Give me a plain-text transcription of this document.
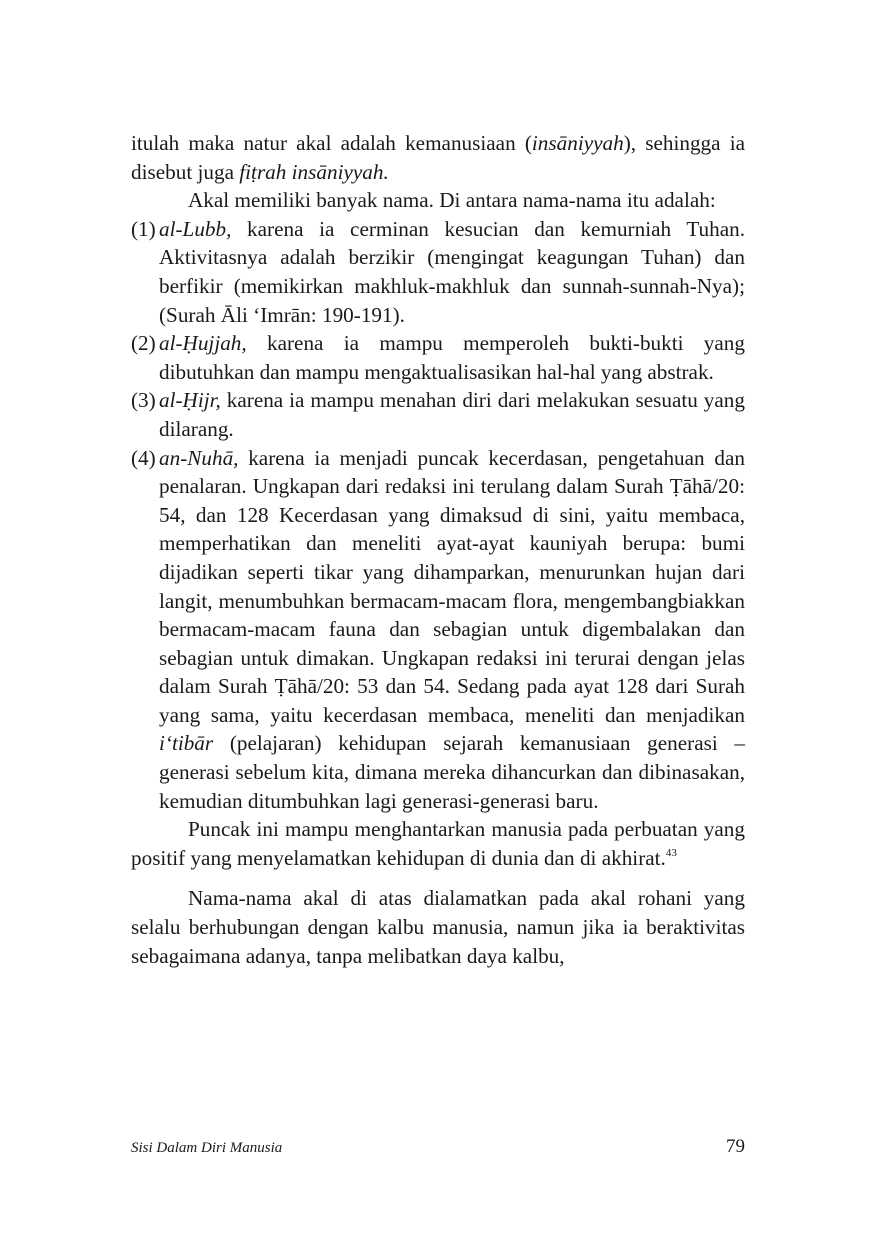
itulah maka natur akal adalah kemanusiaan (insāniyyah), sehingga ia disebut juga fiṭrah insāniyyah.

Akal memiliki banyak nama. Di antara nama-nama itu adalah:

(1) al-Lubb, karena ia cerminan kesucian dan kemurniah Tuhan. Aktivitasnya adalah berzikir (mengingat keagungan Tuhan) dan berfikir (memikirkan makhluk-makhluk dan sunnah-sunnah-Nya); (Surah Āli ʻImrān: 190-191).
(2) al-Ḥujjah, karena ia mampu memperoleh bukti-bukti yang dibutuhkan dan mampu mengaktualisasikan hal-hal yang abstrak.
(3) al-Ḥijr, karena ia mampu menahan diri dari melakukan sesuatu yang dilarang.
(4) an-Nuhā, karena ia menjadi puncak kecerdasan, pengetahuan dan penalaran. Ungkapan dari redaksi ini terulang dalam Surah Ṭāhā/20: 54, dan 128 Kecerdasan yang dimaksud di sini, yaitu membaca, memperhatikan dan meneliti ayat-ayat kauniyah berupa: bumi dijadikan seperti tikar yang dihamparkan, menurunkan hujan dari langit, menumbuhkan bermacam-macam flora, mengembangbiakkan bermacam-macam fauna dan sebagian untuk digembalakan dan sebagian untuk dimakan. Ungkapan redaksi ini terurai dengan jelas dalam Surah Ṭāhā/20: 53 dan 54. Sedang pada ayat 128 dari Surah yang sama, yaitu kecerdasan membaca, meneliti dan menjadikan iʻtibār (pelajaran) kehidupan sejarah kemanusiaan generasi – generasi sebelum kita, dimana mereka dihancurkan dan dibinasakan, kemudian ditumbuhkan lagi generasi-generasi baru.

Puncak ini mampu menghantarkan manusia pada perbuatan yang positif yang menyelamatkan kehidupan di dunia dan di akhirat.$^{43}$

Nama-nama akal di atas dialamatkan pada akal rohani yang selalu berhubungan dengan kalbu manusia, namun jika ia beraktivitas sebagaimana adanya, tanpa melibatkan daya kalbu,

Sisi Dalam Diri Manusia	79
